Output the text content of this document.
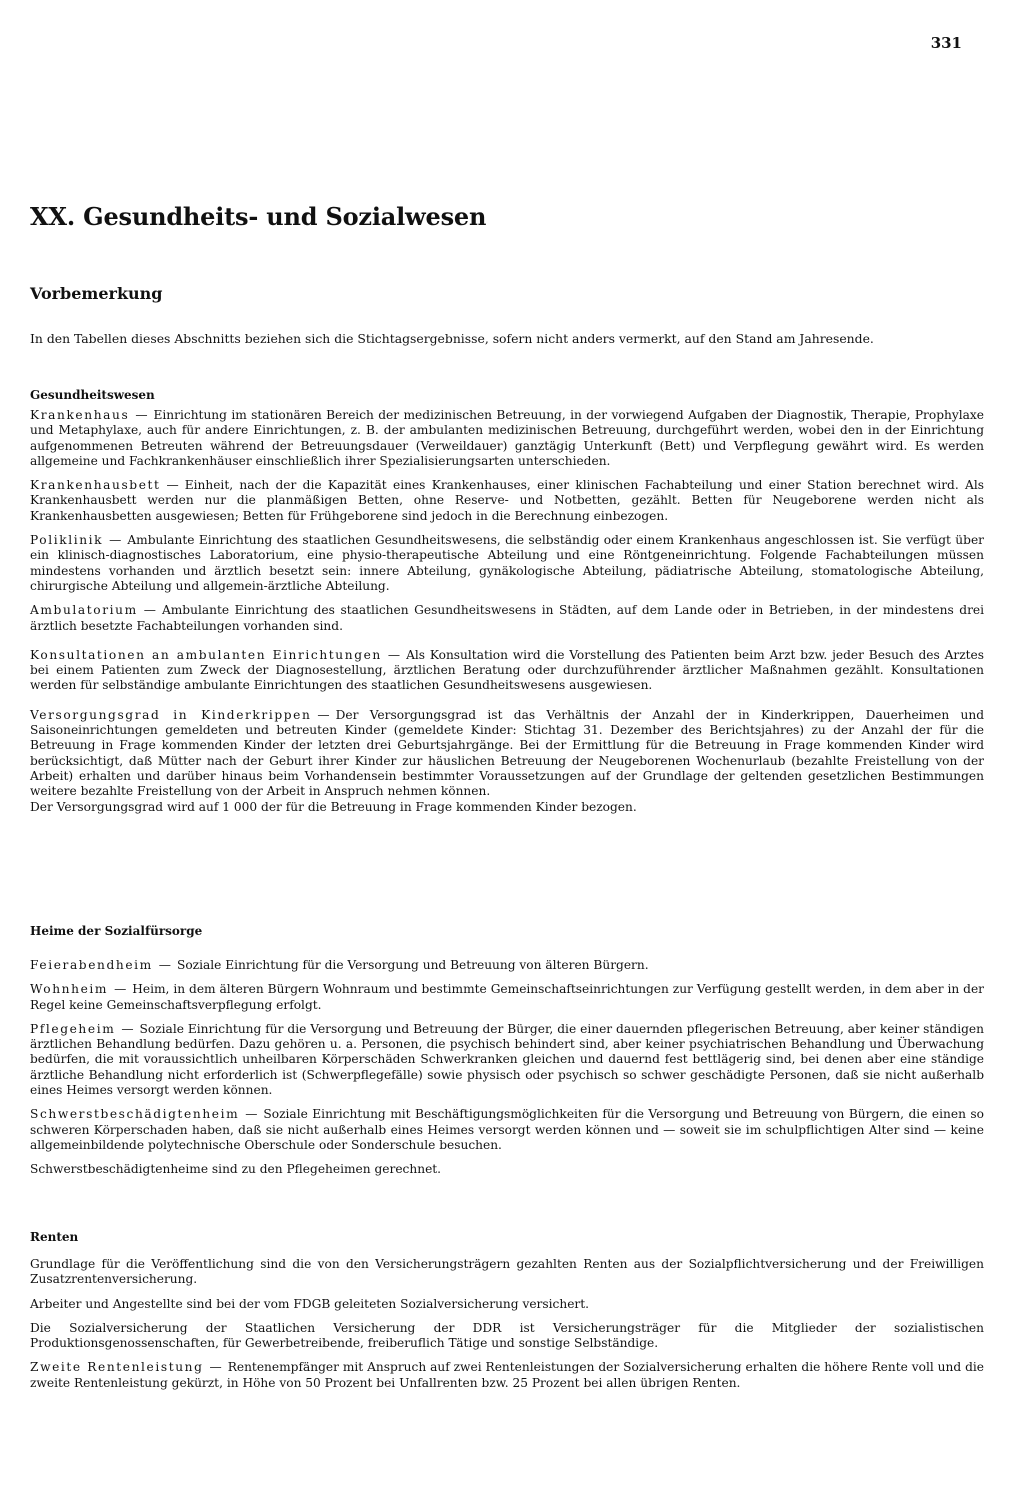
331
XX. Gesundheits- und Sozialwesen
Vorbemerkung

In den Tabellen dieses Abschnitts beziehen sich die Stichtagsergebnisse, sofern nicht anders vermerkt, auf den Stand am Jahresende.

Gesundheitswesen

Krankenhaus — Einrichtung im stationären Bereich der medizinischen Betreuung, in der vorwiegend Aufgaben der Diagnostik, Therapie, Prophylaxe und Metaphylaxe, auch für andere Einrichtungen, z. B. der ambulanten medizinischen Betreuung, durchgeführt werden, wobei den in der Einrichtung aufgenommenen Betreuten während der Betreuungsdauer (Verweildauer) ganztägig Unterkunft (Bett) und Verpflegung gewährt wird. Es werden allgemeine und Fachkrankenhäuser einschließlich ihrer Spezialisierungsarten unterschieden.

Krankenhausbett — Einheit, nach der die Kapazität eines Krankenhauses, einer klinischen Fachabteilung und einer Station berechnet wird. Als Krankenhausbett werden nur die planmäßigen Betten, ohne Reserve- und Notbetten, gezählt. Betten für Neugeborene werden nicht als Krankenhausbetten ausgewiesen; Betten für Frühgeborene sind jedoch in die Berechnung einbezogen.

Poliklinik — Ambulante Einrichtung des staatlichen Gesundheitswesens, die selbständig oder einem Krankenhaus angeschlossen ist. Sie verfügt über ein klinisch-diagnostisches Laboratorium, eine physio-therapeutische Abteilung und eine Röntgeneinrichtung. Folgende Fachabteilungen müssen mindestens vorhanden und ärztlich besetzt sein: innere Abteilung, gynäkologische Abteilung, pädiatrische Abteilung, stomatologische Abteilung, chirurgische Abteilung und allgemein-ärztliche Abteilung.

Ambulatorium — Ambulante Einrichtung des staatlichen Gesundheitswesens in Städten, auf dem Lande oder in Betrieben, in der mindestens drei ärztlich besetzte Fachabteilungen vorhanden sind.

Konsultationen an ambulanten Einrichtungen — Als Konsultation wird die Vorstellung des Patienten beim Arzt bzw. jeder Besuch des Arztes bei einem Patienten zum Zweck der Diagnosestellung, ärztlichen Beratung oder durchzuführender ärztlicher Maßnahmen gezählt. Konsultationen werden für selbständige ambulante Einrichtungen des staatlichen Gesundheitswesens ausgewiesen.

Versorgungsgrad in Kinderkrippen — Der Versorgungsgrad ist das Verhältnis der Anzahl der in Kinderkrippen, Dauerheimen und Saisoneinrichtungen gemeldeten und betreuten Kinder (gemeldete Kinder: Stichtag 31. Dezember des Berichtsjahres) zu der Anzahl der für die Betreuung in Frage kommenden Kinder der letzten drei Geburtsjahrgänge. Bei der Ermittlung für die Betreuung in Frage kommenden Kinder wird berücksichtigt, daß Mütter nach der Geburt ihrer Kinder zur häuslichen Betreuung der Neugeborenen Wochenurlaub (bezahlte Freistellung von der Arbeit) erhalten und darüber hinaus beim Vorhandensein bestimmter Voraussetzungen auf der Grundlage der geltenden gesetzlichen Bestimmungen weitere bezahlte Freistellung von der Arbeit in Anspruch nehmen können.

Der Versorgungsgrad wird auf 1 000 der für die Betreuung in Frage kommenden Kinder bezogen.

Heime der Sozialfürsorge

Feierabendheim — Soziale Einrichtung für die Versorgung und Betreuung von älteren Bürgern.

Wohnheim — Heim, in dem älteren Bürgern Wohnraum und bestimmte Gemeinschaftseinrichtungen zur Verfügung gestellt werden, in dem aber in der Regel keine Gemeinschaftsverpflegung erfolgt.

Pflegeheim — Soziale Einrichtung für die Versorgung und Betreuung der Bürger, die einer dauernden pflegerischen Betreuung, aber keiner ständigen ärztlichen Behandlung bedürfen. Dazu gehören u. a. Personen, die psychisch behindert sind, aber keiner psychiatrischen Behandlung und Überwachung bedürfen, die mit voraussichtlich unheilbaren Körperschäden Schwerkranken gleichen und dauernd fest bettlägerig sind, bei denen aber eine ständige ärztliche Behandlung nicht erforderlich ist (Schwerpflegefälle) sowie physisch oder psychisch so schwer geschädigte Personen, daß sie nicht außerhalb eines Heimes versorgt werden können.

Schwerstbeschädigtenheim — Soziale Einrichtung mit Beschäftigungsmöglichkeiten für die Versorgung und Betreuung von Bürgern, die einen so schweren Körperschaden haben, daß sie nicht außerhalb eines Heimes versorgt werden können und — soweit sie im schulpflichtigen Alter sind — keine allgemeinbildende polytechnische Oberschule oder Sonderschule besuchen.

Schwerstbeschädigtenheime sind zu den Pflegeheimen gerechnet.

Renten

Grundlage für die Veröffentlichung sind die von den Versicherungsträgern gezahlten Renten aus der Sozialpflichtversicherung und der Freiwilligen Zusatzrentenversicherung.

Arbeiter und Angestellte sind bei der vom FDGB geleiteten Sozialversicherung versichert.

Die Sozialversicherung der Staatlichen Versicherung der DDR ist Versicherungsträger für die Mitglieder der sozialistischen Produktionsgenossenschaften, für Gewerbetreibende, freiberuflich Tätige und sonstige Selbständige.

Zweite Rentenleistung — Rentenempfänger mit Anspruch auf zwei Rentenleistungen der Sozialversicherung erhalten die höhere Rente voll und die zweite Rentenleistung gekürzt, in Höhe von 50 Prozent bei Unfallrenten bzw. 25 Prozent bei allen übrigen Renten.
